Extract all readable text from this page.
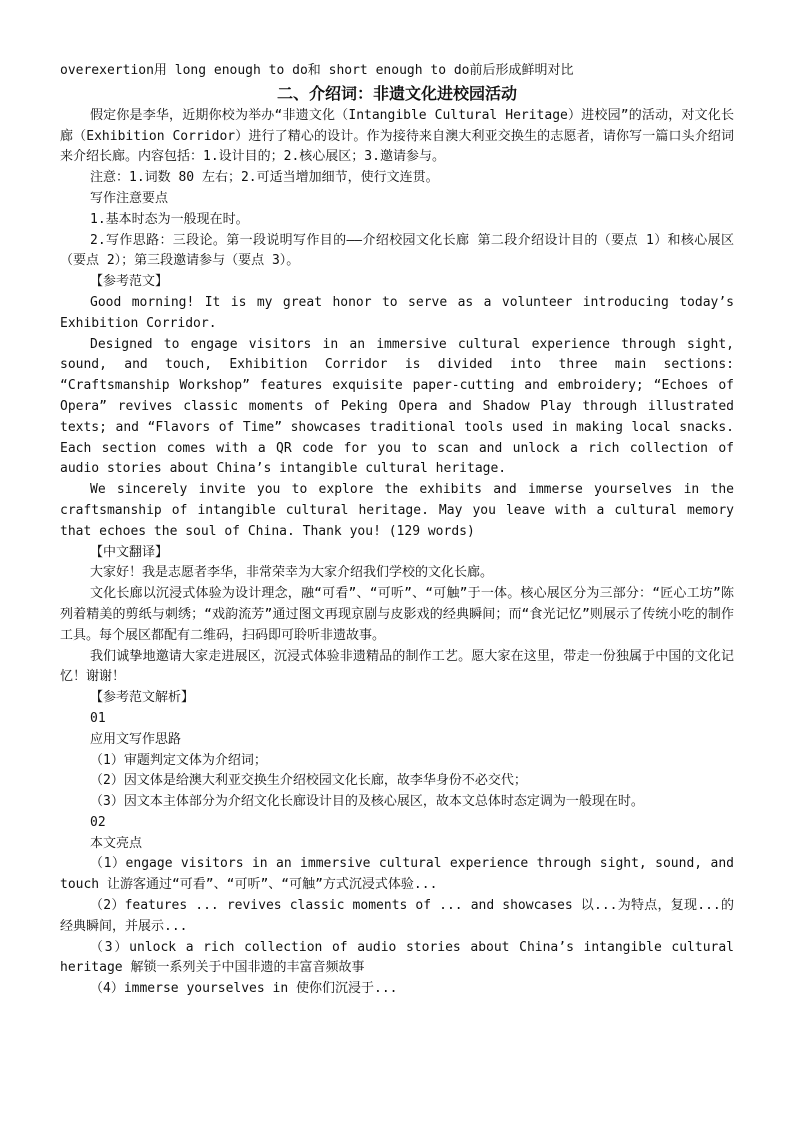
overexertion用 long enough to do和 short enough to do前后形成鲜明对比

二、介绍词：非遗文化进校园活动

假定你是李华，近期你校为举办“非遗文化（Intangible Cultural Heritage）进校园”的活动，对文化长廊（Exhibition Corridor）进行了精心的设计。作为接待来自澳大利亚交换生的志愿者，请你写一篇口头介绍词来介绍长廊。内容包括：1.设计目的；2.核心展区；3.邀请参与。

注意：1.词数 80 左右；2.可适当增加细节，使行文连贯。

写作注意要点

1.基本时态为一般现在时。

2.写作思路：三段论。第一段说明写作目的——介绍校园文化长廊 第二段介绍设计目的（要点 1）和核心展区（要点 2）；第三段邀请参与（要点 3）。

【参考范文】

Good morning! It is my great honor to serve as a volunteer introducing today’s Exhibition Corridor.

Designed to engage visitors in an immersive cultural experience through sight, sound, and touch, Exhibition Corridor is divided into three main sections: “Craftsmanship Workshop” features exquisite paper-cutting and embroidery; “Echoes of Opera” revives classic moments of Peking Opera and Shadow Play through illustrated texts; and “Flavors of Time” showcases traditional tools used in making local snacks. Each section comes with a QR code for you to scan and unlock a rich collection of audio stories about China’s intangible cultural heritage.

We sincerely invite you to explore the exhibits and immerse yourselves in the craftsmanship of intangible cultural heritage. May you leave with a cultural memory that echoes the soul of China. Thank you! (129 words)

【中文翻译】

大家好！我是志愿者李华，非常荣幸为大家介绍我们学校的文化长廊。

文化长廊以沉浸式体验为设计理念，融“可看”、“可听”、“可触”于一体。核心展区分为三部分：“匠心工坊”陈列着精美的剪纸与刺绣；“戏韵流芳”通过图文再现京剧与皮影戏的经典瞬间；而“食光记忆”则展示了传统小吃的制作工具。每个展区都配有二维码，扫码即可聆听非遗故事。

我们诚挚地邀请大家走进展区，沉浸式体验非遗精品的制作工艺。愿大家在这里，带走一份独属于中国的文化记忆！谢谢！

【参考范文解析】

01

应用文写作思路

（1）审题判定文体为介绍词；

（2）因文体是给澳大利亚交换生介绍校园文化长廊，故李华身份不必交代；

（3）因文本主体部分为介绍文化长廊设计目的及核心展区，故本文总体时态定调为一般现在时。

02

本文亮点

（1）engage visitors in an immersive cultural experience through sight, sound, and touch 让游客通过“可看”、“可听”、“可触”方式沉浸式体验...

（2）features ... revives classic moments of ... and showcases 以...为特点，复现...的经典瞬间，并展示...

（3）unlock a rich collection of audio stories about China’s intangible cultural heritage 解锁一系列关于中国非遗的丰富音频故事

（4）immerse yourselves in 使你们沉浸于...
